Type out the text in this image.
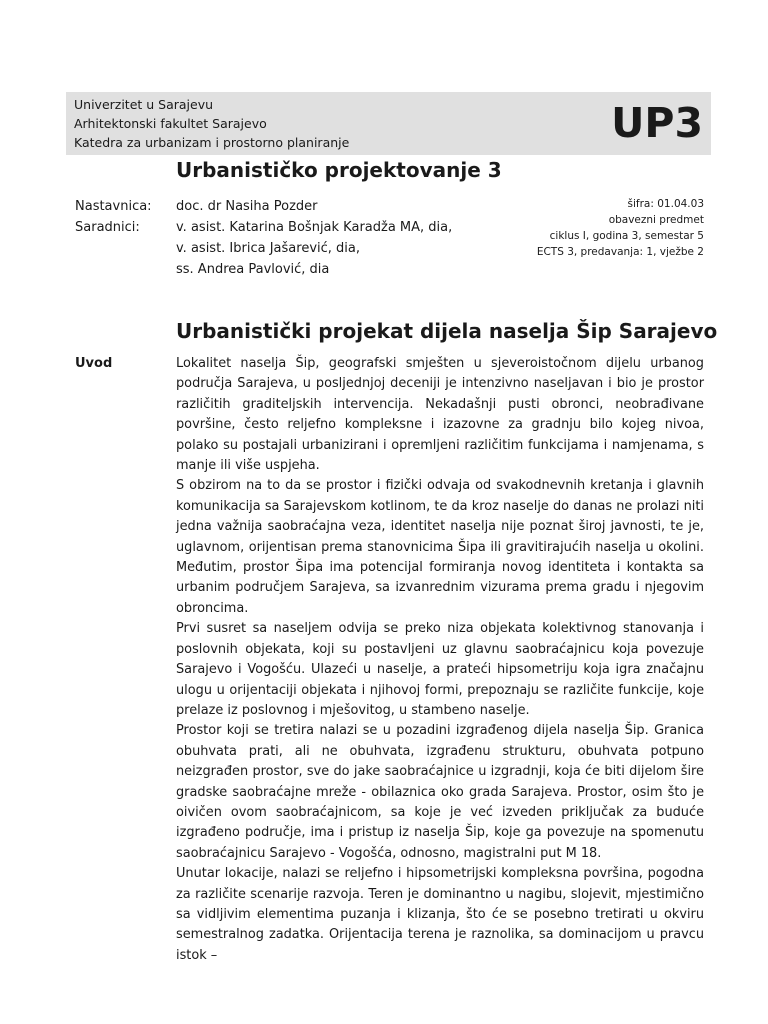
Univerzitet u Sarajevu
Arhitektonski fakultet Sarajevo
Katedra za urbanizam i prostorno planiranje	UP3
Urbanističko projektovanje 3
Nastavnica:
Saradnici:
doc. dr Nasiha Pozder
v. asist. Katarina Bošnjak Karadža MA, dia,
v. asist. Ibrica Jašarević, dia,
ss. Andrea Pavlović, dia
šifra: 01.04.03
obavezni predmet
ciklus I, godina 3, semestar 5
ECTS 3, predavanja: 1, vježbe 2
Urbanistički projekat dijela naselja Šip Sarajevo
Uvod	Lokalitet naselja Šip, geografski smješten u sjeveroistočnom dijelu urbanog područja Sarajeva, u posljednjoj deceniji je intenzivno naseljavan i bio je prostor različitih graditeljskih intervencija. Nekadašnji pusti obronci, neobrađivane površine, često reljefno kompleksne i izazovne za gradnju bilo kojeg nivoa, polako su postajali urbanizirani i opremljeni različitim funkcijama i namjenama, s manje ili više uspjeha.

S obzirom na to da se prostor i fizički odvaja od svakodnevnih kretanja i glavnih komunikacija sa Sarajevskom kotlinom, te da kroz naselje do danas ne prolazi niti jedna važnija saobraćajna veza, identitet naselja nije poznat široj javnosti, te je, uglavnom, orijentisan prema stanovnicima Šipa ili gravitirajućih naselja u okolini. Međutim, prostor Šipa ima potencijal formiranja novog identiteta i kontakta sa urbanim područjem Sarajeva, sa izvanrednim vizurama prema gradu i njegovim obroncima.

Prvi susret sa naseljem odvija se preko niza objekata kolektivnog stanovanja i poslovnih objekata, koji su postavljeni uz glavnu saobraćajnicu koja povezuje Sarajevo i Vogošću. Ulazeći u naselje, a prateći hipsometriju koja igra značajnu ulogu u orijentaciji objekata i njihovoj formi, prepoznaju se različite funkcije, koje prelaze iz poslovnog i mješovitog, u stambeno naselje.

Prostor koji se tretira nalazi se u pozadini izgrađenog dijela naselja Šip. Granica obuhvata prati, ali ne obuhvata, izgrađenu strukturu, obuhvata potpuno neizgrađen prostor, sve do jake saobraćajnice u izgradnji, koja će biti dijelom šire gradske saobraćajne mreže - obilaznica oko grada Sarajeva. Prostor, osim što je oivičen ovom saobraćajnicom, sa koje je već izveden priključak za buduće izgrađeno područje, ima i pristup iz naselja Šip, koje ga povezuje na spomenutu saobraćajnicu Sarajevo - Vogošća, odnosno, magistralni put M 18.

Unutar lokacije, nalazi se reljefno i hipsometrijski kompleksna površina, pogodna za različite scenarije razvoja. Teren je dominantno u nagibu, slojevit, mjestimično sa vidljivim elementima puzanja i klizanja, što će se posebno tretirati u okviru semestralnog zadatka. Orijentacija terena je raznolika, sa dominacijom u pravcu istok –
